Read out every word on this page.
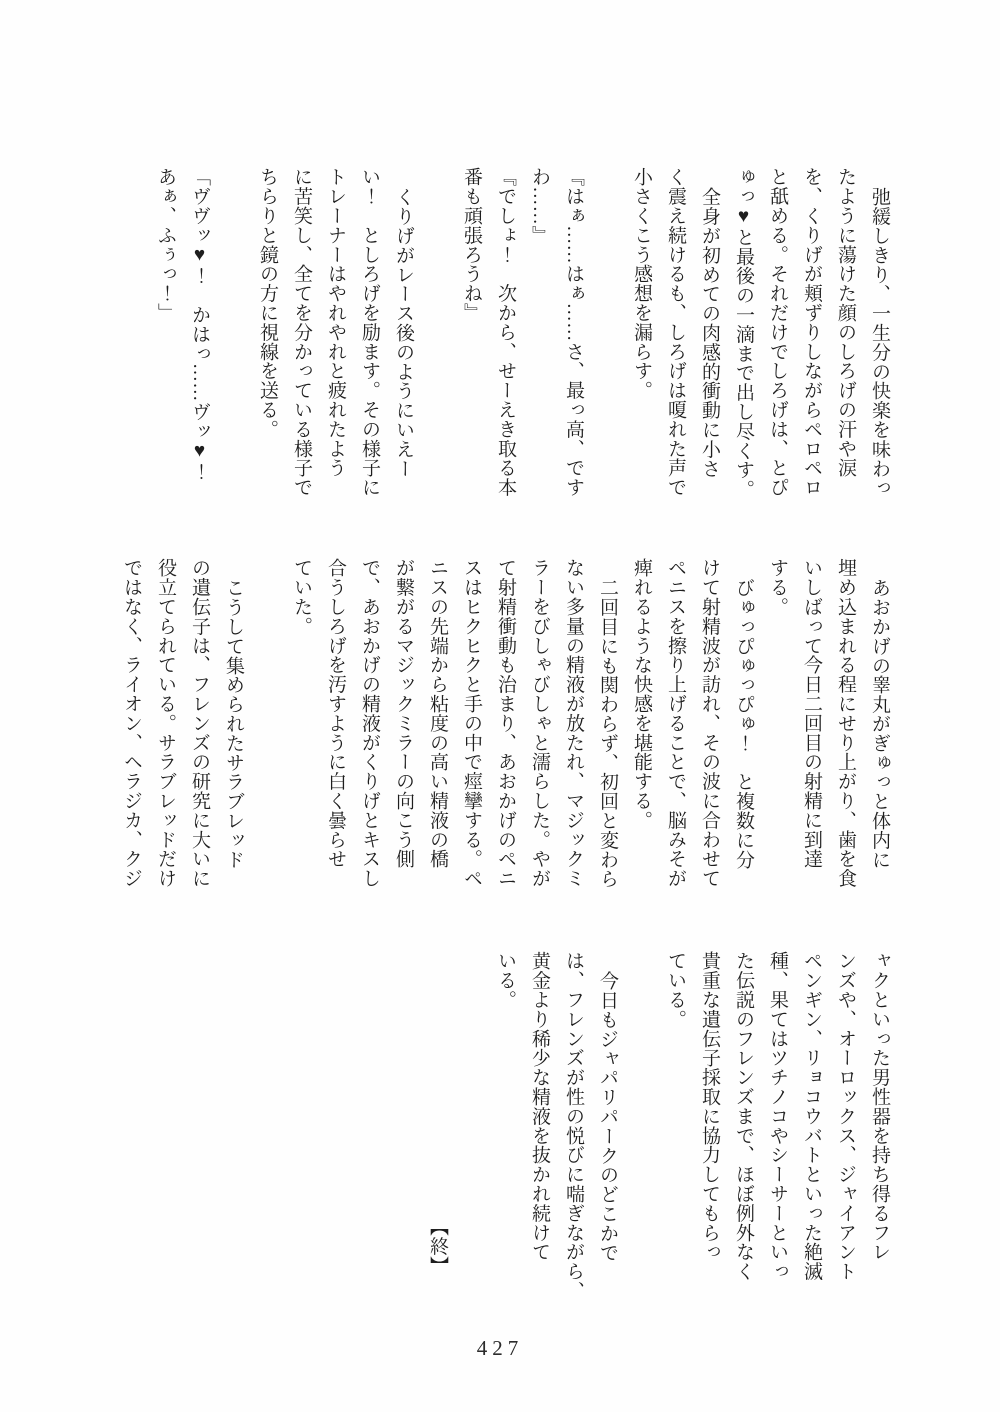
弛緩しきり、一生分の快楽を味わっ

たように蕩けた顔のしろげの汗や涙

を、くりげが頬ずりしながらペロペロ

と舐める。それだけでしろげは、とぴ

ゅっ♥と最後の一滴まで出し尽くす。

全身が初めての肉感的衝動に小さ

く震え続けるも、しろげは嗄れた声で

小さくこう感想を漏らす。

『はぁ……はぁ……さ、最っ高、です

わ……』

『でしょ！　次から、せーえき取る本

番も頑張ろうね』

くりげがレース後のようにいえー

い！　としろげを励ます。その様子に

トレーナーはやれやれと疲れたよう

に苦笑し、全てを分かっている様子で

ちらりと鏡の方に視線を送る。

「ヴヴッ♥！　かはっ……ヴッ♥！

あぁ、ふぅっ！」

あおかげの睾丸がぎゅっと体内に

埋め込まれる程にせり上がり、歯を食

いしばって今日二回目の射精に到達

する。

びゅっぴゅっぴゅ！　と複数に分

けて射精波が訪れ、その波に合わせて

ペニスを擦り上げることで、脳みそが

痺れるような快感を堪能する。

二回目にも関わらず、初回と変わら

ない多量の精液が放たれ、マジックミ

ラーをびしゃびしゃと濡らした。やが

て射精衝動も治まり、あおかげのペニ

スはヒクヒクと手の中で痙攣する。ペ

ニスの先端から粘度の高い精液の橋

が繋がるマジックミラーの向こう側

で、あおかげの精液がくりげとキスし

合うしろげを汚すように白く曇らせ

ていた。

こうして集められたサラブレッド

の遺伝子は、フレンズの研究に大いに

役立てられている。サラブレッドだけ

ではなく、ライオン、ヘラジカ、クジ

ャクといった男性器を持ち得るフレ

ンズや、オーロックス、ジャイアント

ペンギン、リョコウバトといった絶滅

種、果てはツチノコやシーサーといっ

た伝説のフレンズまで、ほぼ例外なく

貴重な遺伝子採取に協力してもらっ

ている。

今日もジャパリパークのどこかで

は、フレンズが性の悦びに喘ぎながら、

黄金より稀少な精液を抜かれ続けて

いる。

【終】

427
